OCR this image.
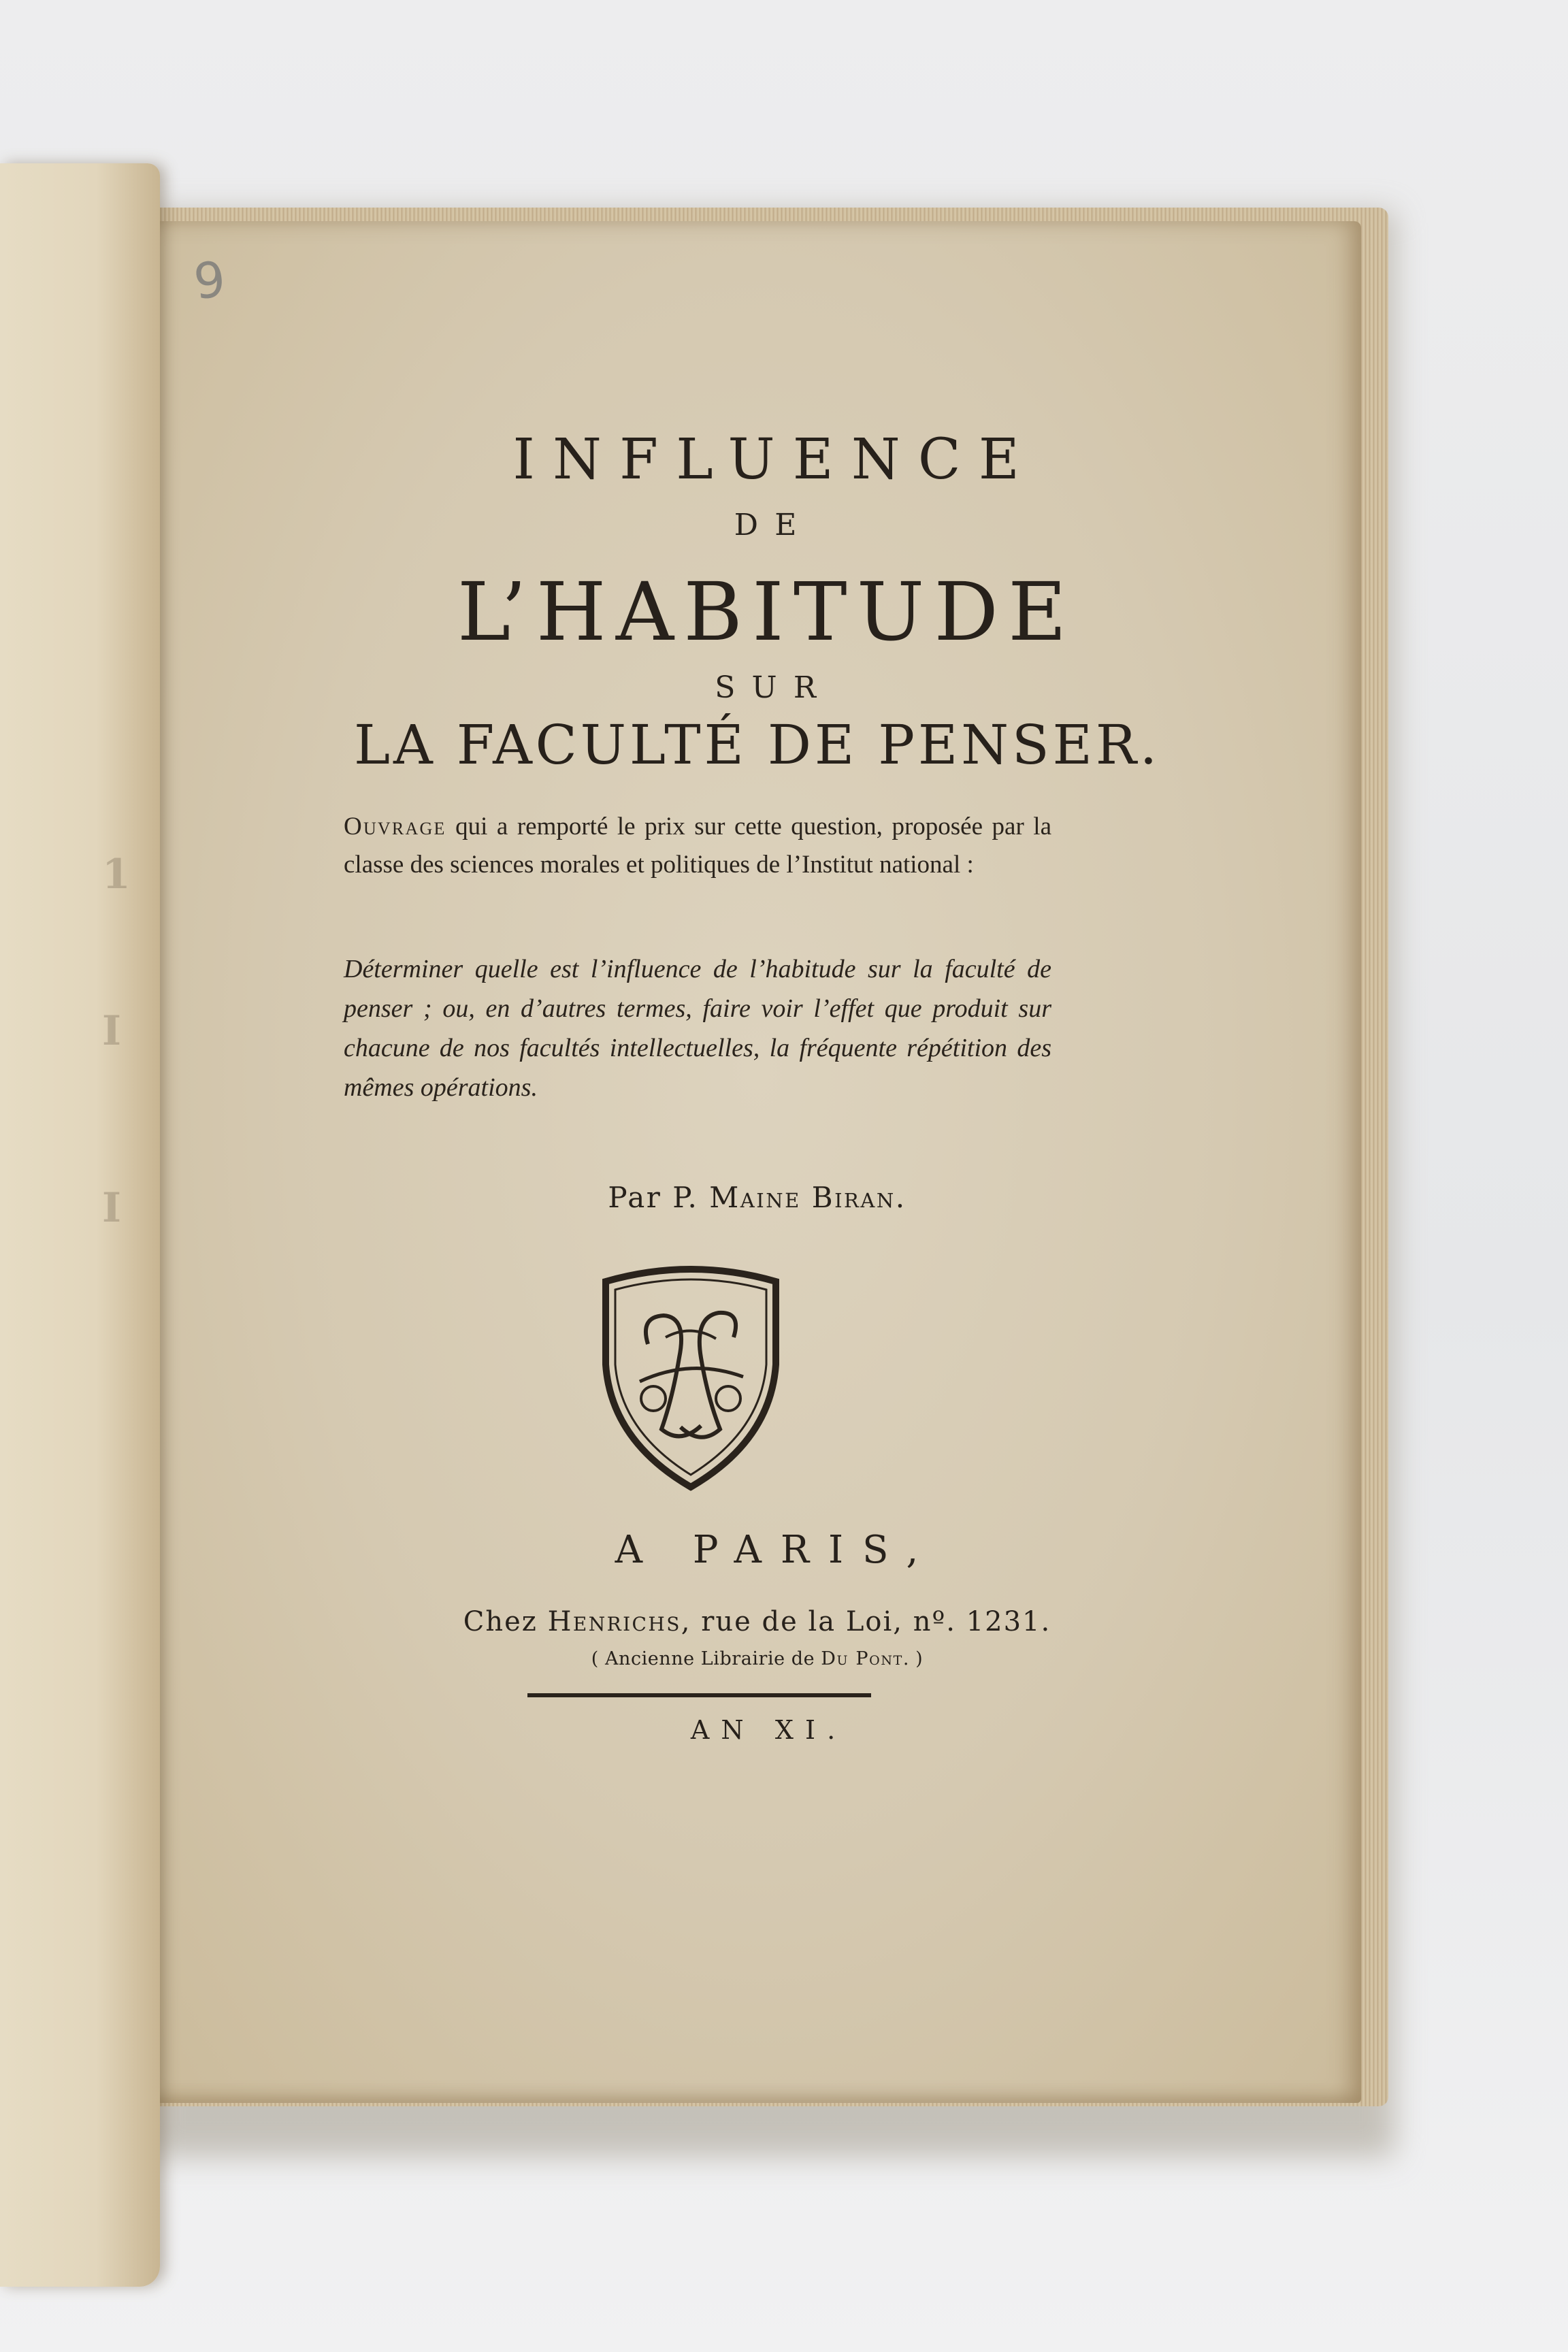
1
I
I
9
INFLUENCE
DE
L’HABITUDE
SUR
LA FACULTÉ DE PENSER.

Ouvrage qui a remporté le prix sur cette question, proposée par la classe des sciences morales et politiques de l’Institut national :

Déterminer quelle est l’influence de l’habitude sur la faculté de penser ; ou, en d’autres termes, faire voir l’effet que produit sur chacune de nos facultés intellectuelles, la fréquente répétition des mêmes opérations.

Par P. Maine Biran.
A PARIS,
Chez Henrichs, rue de la Loi, nº. 1231.
( Ancienne Librairie de Du Pont. )
AN XI.
